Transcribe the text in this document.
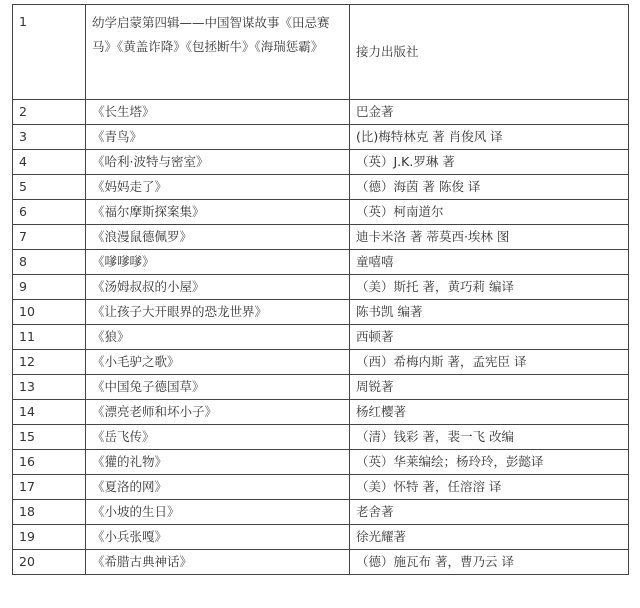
1	幼学启蒙第四辑——中国智谋故事《田忌赛马》《黄盖诈降》《包拯断牛》《海瑞惩霸》	接力出版社
2	《长生塔》	巴金著
3	《青鸟》	(比)梅特林克 著 肖俊风 译
4	《哈利·波特与密室》	（英）J.K.罗琳 著
5	《妈妈走了》	（德）海茵 著 陈俊 译
6	《福尔摩斯探案集》	（英）柯南道尔
7	《浪漫鼠德佩罗》	迪卡米洛 著 蒂莫西·埃林 图
8	《嗲嗲嗲》	童嘻嘻
9	《汤姆叔叔的小屋》	（美）斯托 著，黄巧莉 编译
10	《让孩子大开眼界的恐龙世界》	陈书凯 编著
11	《狼》	西顿著
12	《小毛驴之歌》	（西）希梅内斯 著，孟宪臣 译
13	《中国兔子德国草》	周锐著
14	《漂亮老师和坏小子》	杨红樱著
15	《岳飞传》	（清）钱彩 著，裴一飞 改编
16	《獾的礼物》	（英）华莱编绘；杨玲玲，彭懿译
17	《夏洛的网》	（美）怀特 著，任溶溶 译
18	《小坡的生日》	老舍著
19	《小兵张嘎》	徐光耀著
20	《希腊古典神话》	（德）施瓦布 著，曹乃云 译
